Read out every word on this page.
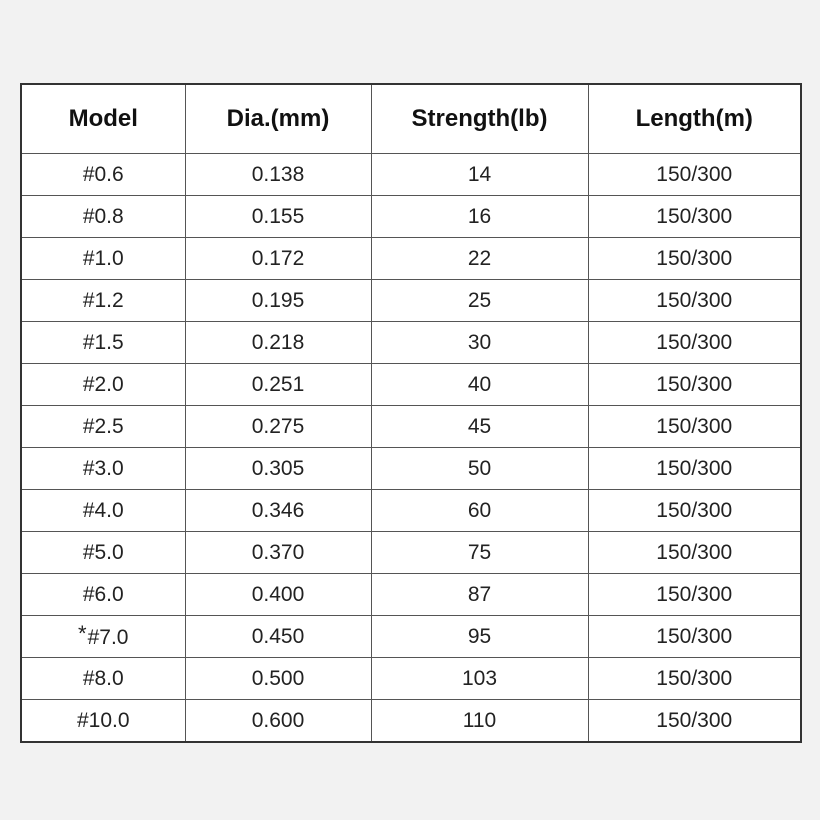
Model	Dia.(mm)	Strength(lb)	Length(m)
#0.6	0.138	14	150/300
#0.8	0.155	16	150/300
#1.0	0.172	22	150/300
#1.2	0.195	25	150/300
#1.5	0.218	30	150/300
#2.0	0.251	40	150/300
#2.5	0.275	45	150/300
#3.0	0.305	50	150/300
#4.0	0.346	60	150/300
#5.0	0.370	75	150/300
#6.0	0.400	87	150/300
*#7.0	0.450	95	150/300
#8.0	0.500	103	150/300
#10.0	0.600	110	150/300
